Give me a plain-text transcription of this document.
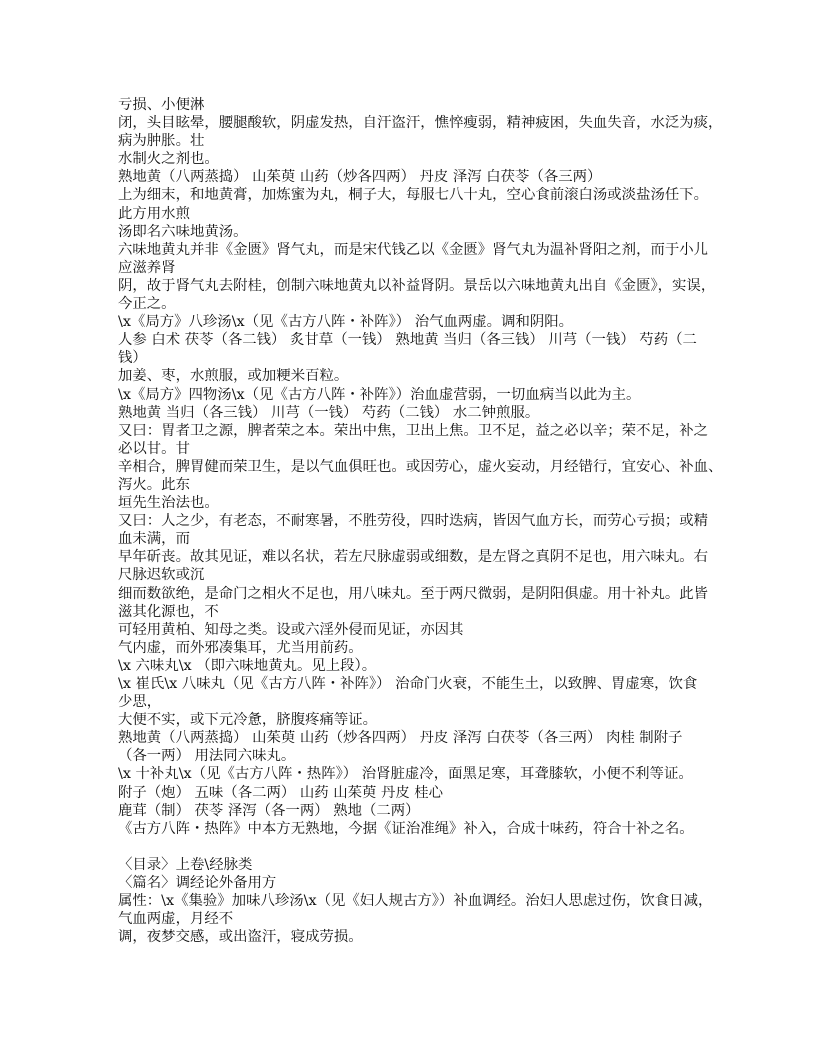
亏损、小便淋
闭，头目眩晕，腰腿酸软，阴虚发热，自汗盗汗，憔悴瘦弱，精神疲困，失血失音，水泛为痰，
病为肿胀。壮
水制火之剂也。
熟地黄（八两蒸捣） 山茱萸 山药（炒各四两） 丹皮 泽泻 白茯苓（各三两）
上为细末，和地黄膏，加炼蜜为丸，桐子大，每服七八十丸，空心食前滚白汤或淡盐汤任下。
此方用水煎
汤即名六味地黄汤。
六味地黄丸并非《金匮》肾气丸，而是宋代钱乙以《金匮》肾气丸为温补肾阳之剂，而于小儿
应滋养肾
阴，故于肾气丸去附桂，创制六味地黄丸以补益肾阴。景岳以六味地黄丸出自《金匮》，实误，
今正之。
\x《局方》八珍汤\x（见《古方八阵・补阵》） 治气血两虚。调和阴阳。
人参 白术 茯苓（各二钱） 炙甘草（一钱） 熟地黄 当归（各三钱） 川芎（一钱） 芍药（二
钱）
加姜、枣，水煎服，或加粳米百粒。
\x《局方》四物汤\x（见《古方八阵・补阵》）治血虚营弱，一切血病当以此为主。
熟地黄 当归（各三钱） 川芎（一钱） 芍药（二钱） 水二钟煎服。
又曰：胃者卫之源，脾者荣之本。荣出中焦，卫出上焦。卫不足，益之必以辛；荣不足，补之
必以甘。甘
辛相合，脾胃健而荣卫生，是以气血俱旺也。或因劳心，虚火妄动，月经错行，宜安心、补血、
泻火。此东
垣先生治法也。
又曰：人之少，有老态，不耐寒暑，不胜劳役，四时迭病，皆因气血方长，而劳心亏损；或精
血未满，而
早年斫丧。故其见证，难以名状，若左尺脉虚弱或细数，是左肾之真阴不足也，用六味丸。右
尺脉迟软或沉
细而数欲绝，是命门之相火不足也，用八味丸。至于两尺微弱，是阴阳俱虚。用十补丸。此皆
滋其化源也，不
可轻用黄柏、知母之类。设或六淫外侵而见证，亦因其
气内虚，而外邪凑集耳，尤当用前药。
\x 六味丸\x （即六味地黄丸。见上段）。
\x 崔氏\x 八味丸（见《古方八阵・补阵》） 治命门火衰，不能生土，以致脾、胃虚寒，饮食
少思，
大便不实，或下元冷惫，脐腹疼痛等证。
熟地黄（八两蒸捣） 山茱萸 山药（炒各四两） 丹皮 泽泻 白茯苓（各三两） 肉桂 制附子
（各一两） 用法同六味丸。
\x 十补丸\x（见《古方八阵・热阵》） 治肾脏虚冷，面黑足寒，耳聋膝软，小便不利等证。
附子（炮） 五味（各二两） 山药 山茱萸 丹皮 桂心
鹿茸（制） 茯苓 泽泻（各一两） 熟地（二两）
《古方八阵・热阵》中本方无熟地，今据《证治准绳》补入，合成十味药，符合十补之名。
〈目录〉上卷\经脉类
〈篇名〉调经论外备用方
属性：\x《集验》加味八珍汤\x（见《妇人规古方》）补血调经。治妇人思虑过伤，饮食日减，
气血两虚，月经不
调，夜梦交感，或出盗汗，寝成劳损。
